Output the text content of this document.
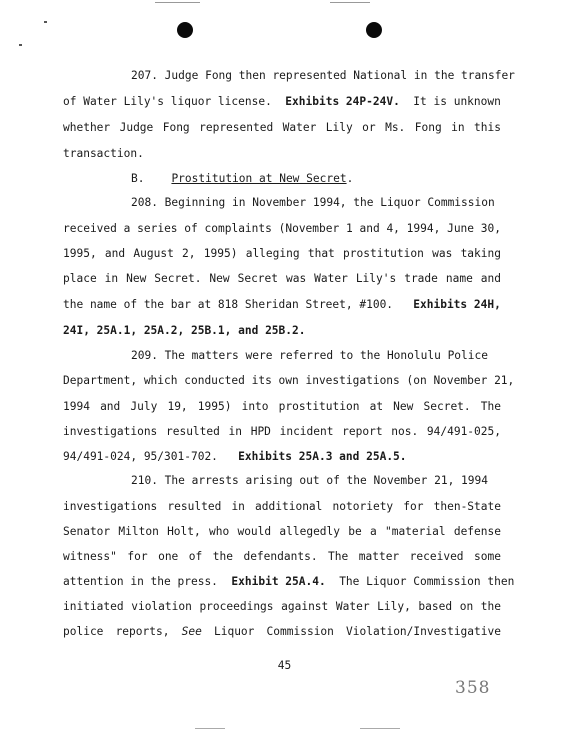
207. Judge Fong then represented National in the transfer
of Water Lily's liquor license. Exhibits 24P-24V. It is unknown
whether Judge Fong represented Water Lily or Ms. Fong in this
transaction.
B. Prostitution at New Secret.
208. Beginning in November 1994, the Liquor Commission
received a series of complaints (November 1 and 4, 1994, June 30,
1995, and August 2, 1995) alleging that prostitution was taking
place in New Secret. New Secret was Water Lily's trade name and
the name of the bar at 818 Sheridan Street, #100. Exhibits 24H,
24I, 25A.1, 25A.2, 25B.1, and 25B.2.
209. The matters were referred to the Honolulu Police
Department, which conducted its own investigations (on November 21,
1994 and July 19, 1995) into prostitution at New Secret. The
investigations resulted in HPD incident report nos. 94/491-025,
94/491-024, 95/301-702. Exhibits 25A.3 and 25A.5.
210. The arrests arising out of the November 21, 1994
investigations resulted in additional notoriety for then-State
Senator Milton Holt, who would allegedly be a "material defense
witness" for one of the defendants. The matter received some
attention in the press. Exhibit 25A.4. The Liquor Commission then
initiated violation proceedings against Water Lily, based on the
police reports, See Liquor Commission Violation/Investigative
45
358
